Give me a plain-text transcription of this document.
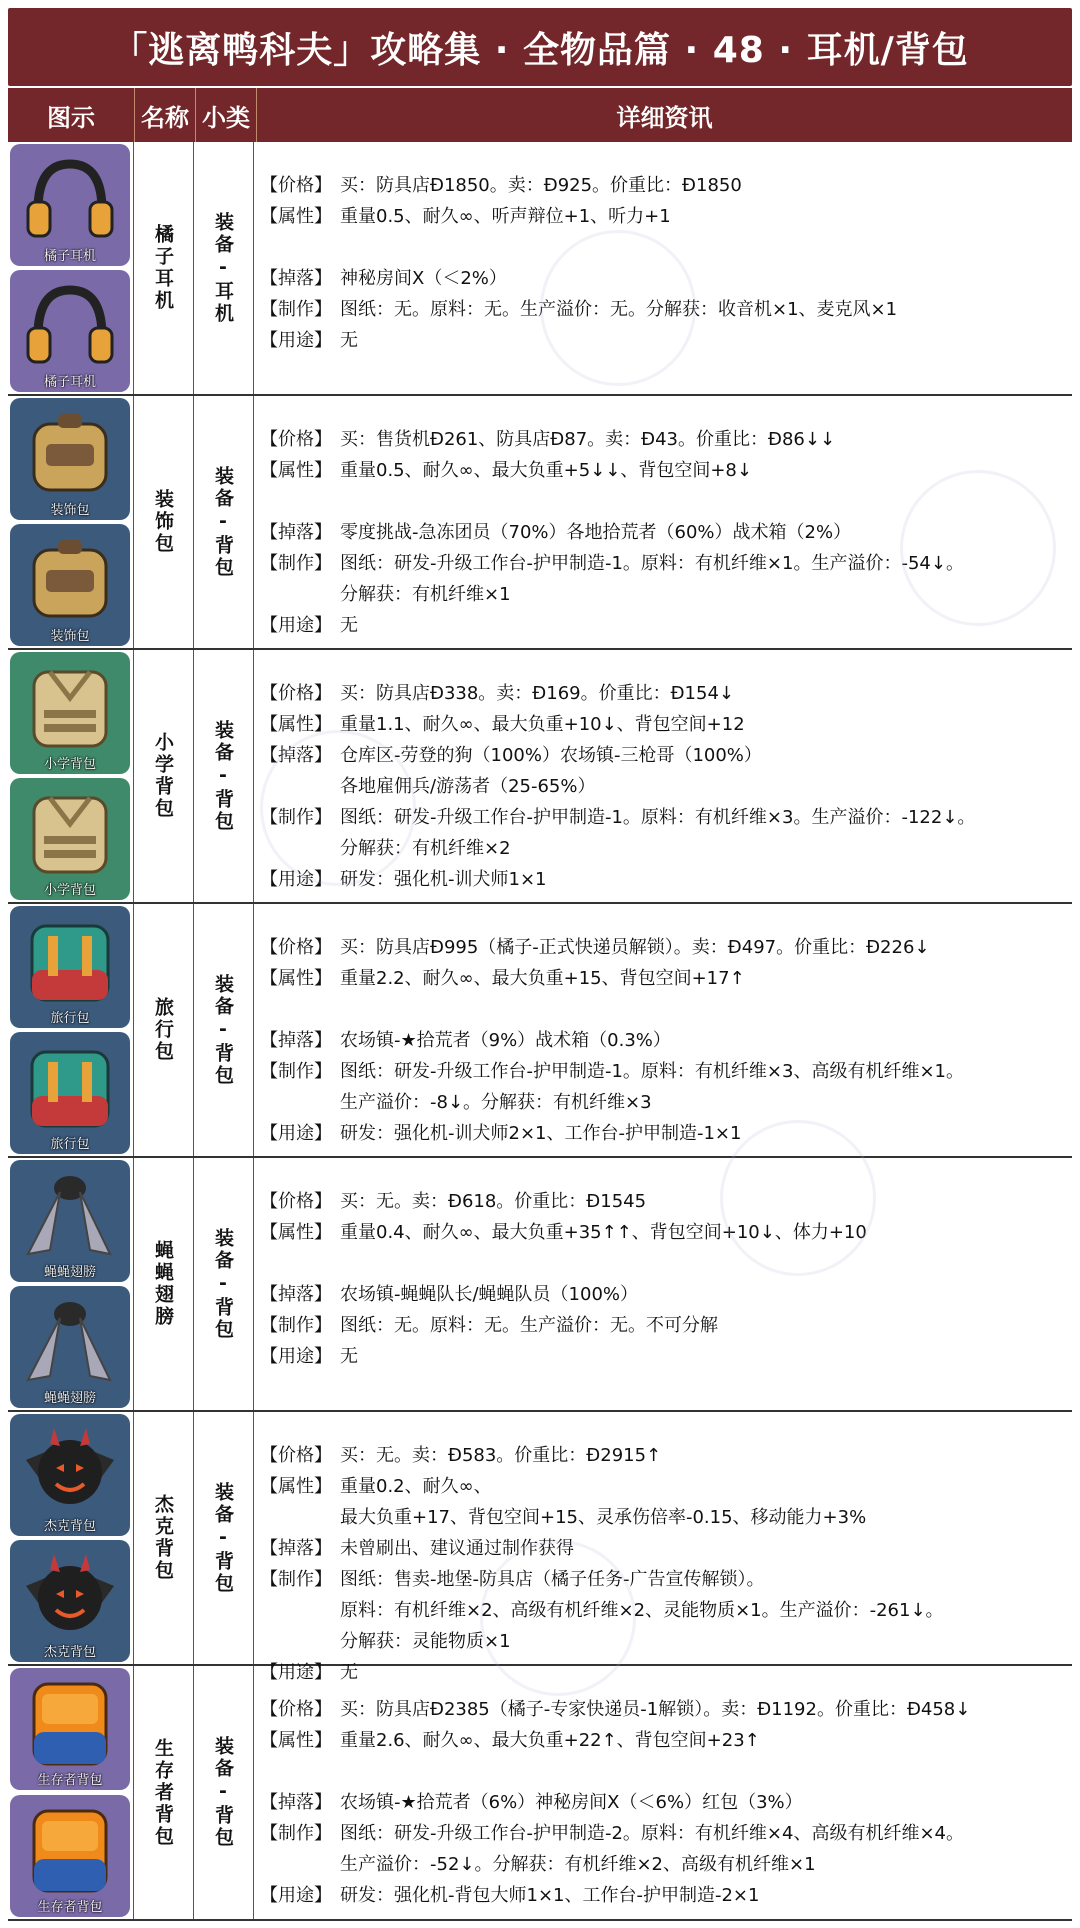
「逃离鸭科夫」攻略集 · 全物品篇 · 48 · 耳机/背包
图示	名称 小类	详细资讯
橘子耳机
橘子耳机
橘子耳机 装备-耳机
【价格】 买：防具店Đ1850。卖：Đ925。价重比：Đ1850
【属性】 重量0.5、耐久∞、听声辩位+1、听力+1
【掉落】 神秘房间X（＜2%）
【制作】 图纸：无。原料：无。生产溢价：无。分解获：收音机×1、麦克风×1
【用途】 无
装饰包
装饰包
装饰包 装备-背包
【价格】 买：售货机Đ261、防具店Đ87。卖：Đ43。价重比：Đ86↓↓
【属性】 重量0.5、耐久∞、最大负重+5↓↓、背包空间+8↓
【掉落】 零度挑战-急冻团员（70%）各地拾荒者（60%）战术箱（2%）
【制作】 图纸：研发-升级工作台-护甲制造-1。原料：有机纤维×1。生产溢价：-54↓。
分解获：有机纤维×1
【用途】 无
小学背包
小学背包
小学背包 装备-背包
【价格】 买：防具店Đ338。卖：Đ169。价重比：Đ154↓
【属性】 重量1.1、耐久∞、最大负重+10↓、背包空间+12
【掉落】 仓库区-劳登的狗（100%）农场镇-三枪哥（100%）
各地雇佣兵/游荡者（25-65%）
【制作】 图纸：研发-升级工作台-护甲制造-1。原料：有机纤维×3。生产溢价：-122↓。
分解获：有机纤维×2
【用途】 研发：强化机-训犬师1×1
旅行包
旅行包
旅行包 装备-背包
【价格】 买：防具店Đ995（橘子-正式快递员解锁）。卖：Đ497。价重比：Đ226↓
【属性】 重量2.2、耐久∞、最大负重+15、背包空间+17↑
【掉落】 农场镇-★拾荒者（9%）战术箱（0.3%）
【制作】 图纸：研发-升级工作台-护甲制造-1。原料：有机纤维×3、高级有机纤维×1。
生产溢价：-8↓。分解获：有机纤维×3
【用途】 研发：强化机-训犬师2×1、工作台-护甲制造-1×1
蝇蝇翅膀
蝇蝇翅膀
蝇蝇翅膀 装备-背包
【价格】 买：无。卖：Đ618。价重比：Đ1545
【属性】 重量0.4、耐久∞、最大负重+35↑↑、背包空间+10↓、体力+10
【掉落】 农场镇-蝇蝇队长/蝇蝇队员（100%）
【制作】 图纸：无。原料：无。生产溢价：无。不可分解
【用途】 无
杰克背包
杰克背包
杰克背包 装备-背包
【价格】 买：无。卖：Đ583。价重比：Đ2915↑
【属性】 重量0.2、耐久∞、
最大负重+17、背包空间+15、灵承伤倍率-0.15、移动能力+3%
【掉落】 未曾刷出、建议通过制作获得
【制作】 图纸：售卖-地堡-防具店（橘子任务-广告宣传解锁）。
原料：有机纤维×2、高级有机纤维×2、灵能物质×1。生产溢价：-261↓。
分解获：灵能物质×1
【用途】 无
生存者背包
生存者背包
生存者背包 装备-背包
【价格】 买：防具店Đ2385（橘子-专家快递员-1解锁）。卖：Đ1192。价重比：Đ458↓
【属性】 重量2.6、耐久∞、最大负重+22↑、背包空间+23↑
【掉落】 农场镇-★拾荒者（6%）神秘房间X（＜6%）红包（3%）
【制作】 图纸：研发-升级工作台-护甲制造-2。原料：有机纤维×4、高级有机纤维×4。
生产溢价：-52↓。分解获：有机纤维×2、高级有机纤维×1
【用途】 研发：强化机-背包大师1×1、工作台-护甲制造-2×1
